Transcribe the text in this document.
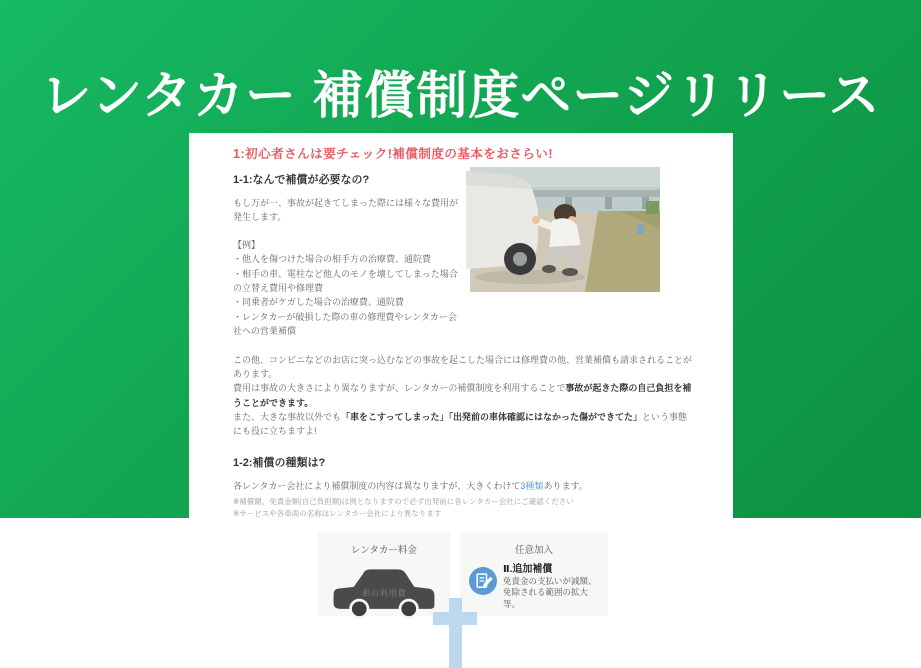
レンタカー 補償制度ページリリース
1:初心者さんは要チェック!補償制度の基本をおさらい!
1-1:なんで補償が必要なの?

もし万が一、事故が起きてしまった際には様々な費用が発生します。

【例】
・他人を傷つけた場合の相手方の治療費、通院費
・相手の車、電柱など他人のモノを壊してしまった場合の立替え費用や修理費
・同乗者がケガした場合の治療費、通院費
・レンタカーが破損した際の車の修理費やレンタカー会社への営業補償
この他、コンビニなどのお店に突っ込むなどの事故を起こした場合には修理費の他、営業補償も請求されることがあります。
費用は事故の大きさにより異なりますが、レンタカーの補償制度を利用することで事故が起きた際の自己負担を補うことができます。
また、大きな事故以外でも「車をこすってしまった」「出発前の車体確認にはなかった傷ができてた」という事態にも役に立ちますよ!
1-2:補償の種類は?
各レンタカー会社により補償制度の内容は異なりますが、大きくわけて3種類あります。
※補償額、免責金額(自己負担額)は例となりますので必ず出発前に各レンタカー会社にご確認ください
※サービスや各車両の名称はレンタカー会社により異なります
レンタカー料金
車の利用費
任意加入
Ⅱ.追加補償
免責金の支払いが減額、
免除される範囲の拡大等。
